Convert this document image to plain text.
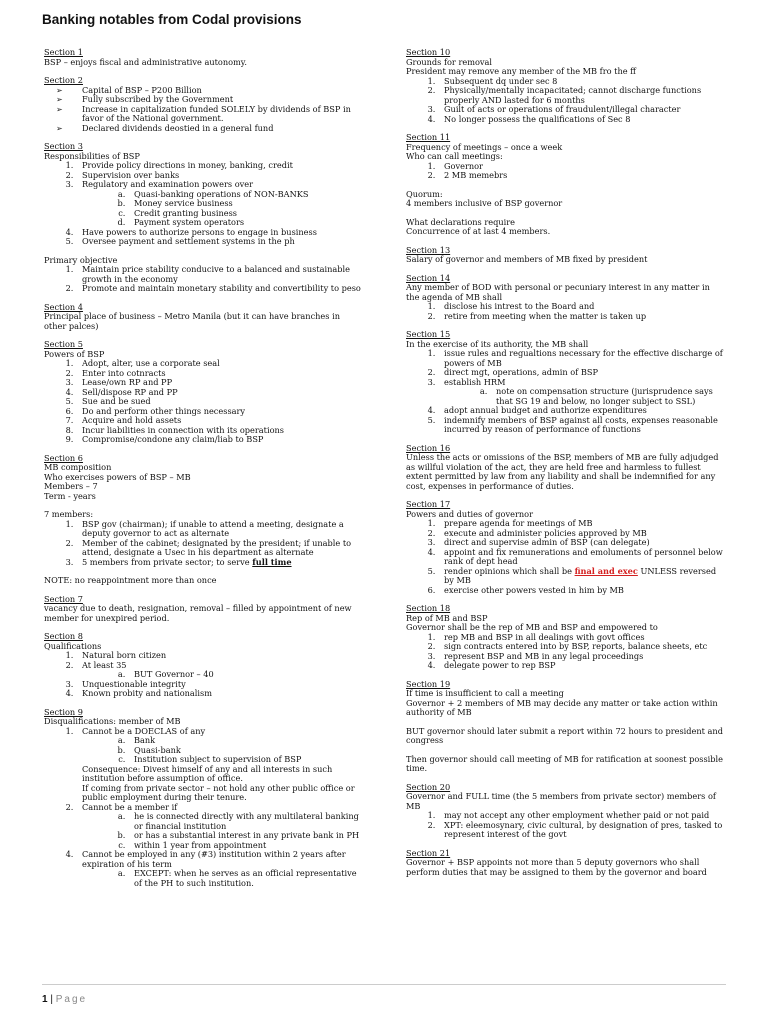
Banking notables from Codal provisions
Section 1
BSP – enjoys fiscal and administrative autonomy.
Section 2
➢ Capital of BSP – P200 Billion
➢ Fully subscribed by the Government
➢ Increase in capitalization funded SOLELY by dividends of BSP in favor of the National government.
➢ Declared dividends deostied in a general fund
Section 3
Responsibilities of BSP
1. Provide policy directions in money, banking, credit
2. Supervision over banks
3. Regulatory and examination powers over
a. Quasi-banking operations of NON-BANKS
b. Money service business
c. Credit granting business
d. Payment system operators
4. Have powers to authorize persons to engage in business
5. Oversee payment and settlement systems in the ph
Primary objective
1. Maintain price stability conducive to a balanced and sustainable growth in the economy
2. Promote and maintain monetary stability and convertibility to peso
Section 4
Principal place of business – Metro Manila (but it can have branches in other palces)
Section 5
Powers of BSP
1. Adopt, alter, use a corporate seal
2. Enter into cotnracts
3. Lease/own RP and PP
4. Sell/dispose RP and PP
5. Sue and be sued
6. Do and perform other things necessary
7. Acquire and hold assets
8. Incur liabilities in connection with its operations
9. Compromise/condone any claim/liab to BSP
Section 6
MB composition
Who exercises powers of BSP – MB
Members – 7
Term - years
7 members:
1. BSP gov (chairman); if unable to attend a meeting, designate a deputy governor to act as alternate
2. Member of the cabinet; designated by the president; if unable to attend, designate a Usec in his department as alternate
3. 5 members from private sector; to serve full time
NOTE: no reappointment more than once
Section 7
vacancy due to death, resignation, removal – filled by appointment of new member for unexpired period.
Section 8
Qualifications
1. Natural born citizen
2. At least 35
a. BUT Governor – 40
3. Unquestionable integrity
4. Known probity and nationalism
Section 9
Disqualifications: member of MB
1. Cannot be a DOECLAS of any
a. Bank
b. Quasi-bank
c. Institution subject to supervision of BSP
Consequence: Divest himself of any and all interests in such institution before assumption of office.
If coming from private sector – not hold any other public office or public employment during their tenure.
2. Cannot be a member if
a. he is connected directly with any multilateral banking or financial institution
b. or has a substantial interest in any private bank in PH
c. within 1 year from appointment
4. Cannot be employed in any (#3) institution within 2 years after expiration of his term
a. EXCEPT: when he serves as an official representative of the PH to such institution.
Section 10
Grounds for removal
President may remove any member of the MB fro the ff
1. Subsequent dq under sec 8
2. Physically/mentally incapacitated; cannot discharge functions properly AND lasted for 6 months
3. Guilt of acts or operations of fraudulent/illegal character
4. No longer possess the qualifications of Sec 8
Section 11
Frequency of meetings – once a week
Who can call meetings:
1. Governor
2. 2 MB memebrs
Quorum:
4 members inclusive of BSP governor
What declarations require
Concurrence of at last 4 members.
Section 13
Salary of governor and members of MB fixed by president
Section 14
Any member of BOD with personal or pecuniary interest in any matter in the agenda of MB shall
1. disclose his intrest to the Board and
2. retire from meeting when the matter is taken up
Section 15
In the exercise of its authority, the MB shall
1. issue rules and regualtions necessary for the effective discharge of powers of MB
2. direct mgt, operations, admin of BSP
3. establish HRM
a. note on compensation structure (jurisprudence says that SG 19 and below, no longer subject to SSL)
4. adopt annual budget and authorize expenditures
5. indemnify members of BSP against all costs, expenses reasonable incurred by reason of performance of functions
Section 16
Unless the acts or omissions of the BSP, members of MB are fully adjudged as willful violation of the act, they are held free and harmless to fullest extent permitted by law from any liability and shall be indemnified for any cost, expenses in performance of duties.
Section 17
Powers and duties of governor
1. prepare agenda for meetings of MB
2. execute and administer policies approved by MB
3. direct and supervise admin of BSP (can delegate)
4. appoint and fix remunerations and emoluments of personnel below rank of dept head
5. render opinions which shall be final and exec UNLESS reversed by MB
6. exercise other powers vested in him by MB
Section 18
Rep of MB and BSP
Governor shall be the rep of MB and BSP and empowered to
1. rep MB and BSP in all dealings with govt offices
2. sign contracts entered into by BSP, reports, balance sheets, etc
3. represent BSP and MB in any legal proceedings
4. delegate power to rep BSP
Section 19
If time is insufficient to call a meeting
Governor + 2 members of MB may decide any matter or take action within authority of MB
BUT governor should later submit a report within 72 hours to president and congress
Then governor should call meeting of MB for ratification at soonest possible time.
Section 20
Governor and FULL time (the 5 members from private sector) members of MB
1. may not accept any other employment whether paid or not paid
2. XPT: eleemosynary, civic cultural, by designation of pres, tasked to represent interest of the govt
Section 21
Governor + BSP appoints not more than 5 deputy governors who shall perform duties that may be assigned to them by the governor and board
1 | Page
